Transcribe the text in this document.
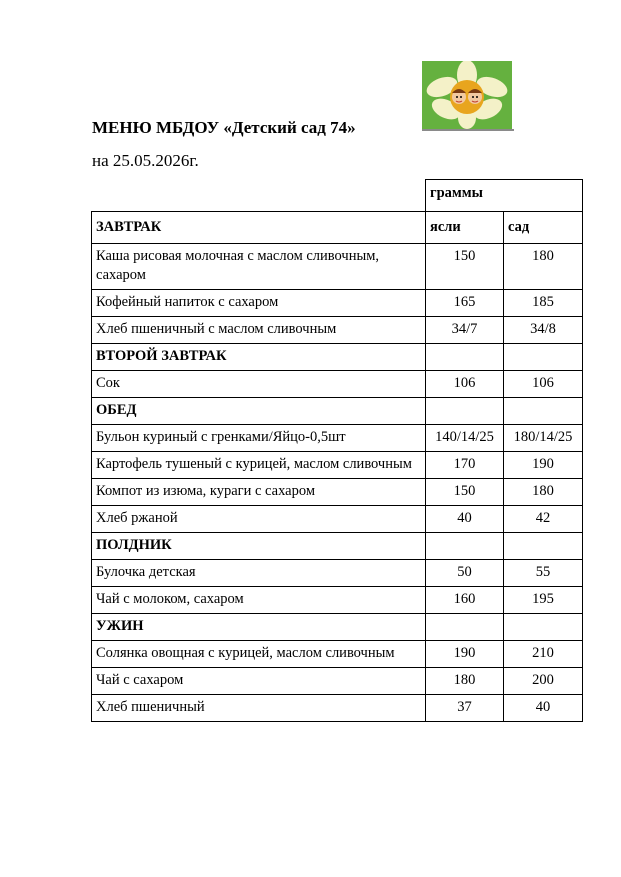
МЕНЮ МБДОУ «Детский сад 74»
на 25.05.2026г.
	граммы	
ЗАВТРАК	ясли	сад
Каша рисовая молочная с маслом сливочным, сахаром	150	180
Кофейный напиток с сахаром	165	185
Хлеб пшеничный с маслом сливочным	34/7	34/8
ВТОРОЙ ЗАВТРАК		
Сок	106	106
ОБЕД		
Бульон куриный с гренками/Яйцо-0,5шт	140/14/25	180/14/25
Картофель тушеный с курицей, маслом сливочным	170	190
Компот из изюма, кураги с сахаром	150	180
Хлеб ржаной	40	42
ПОЛДНИК		
Булочка детская	50	55
Чай с молоком, сахаром	160	195
УЖИН		
Солянка овощная с курицей, маслом сливочным	190	210
Чай с сахаром	180	200
Хлеб пшеничный	37	40
